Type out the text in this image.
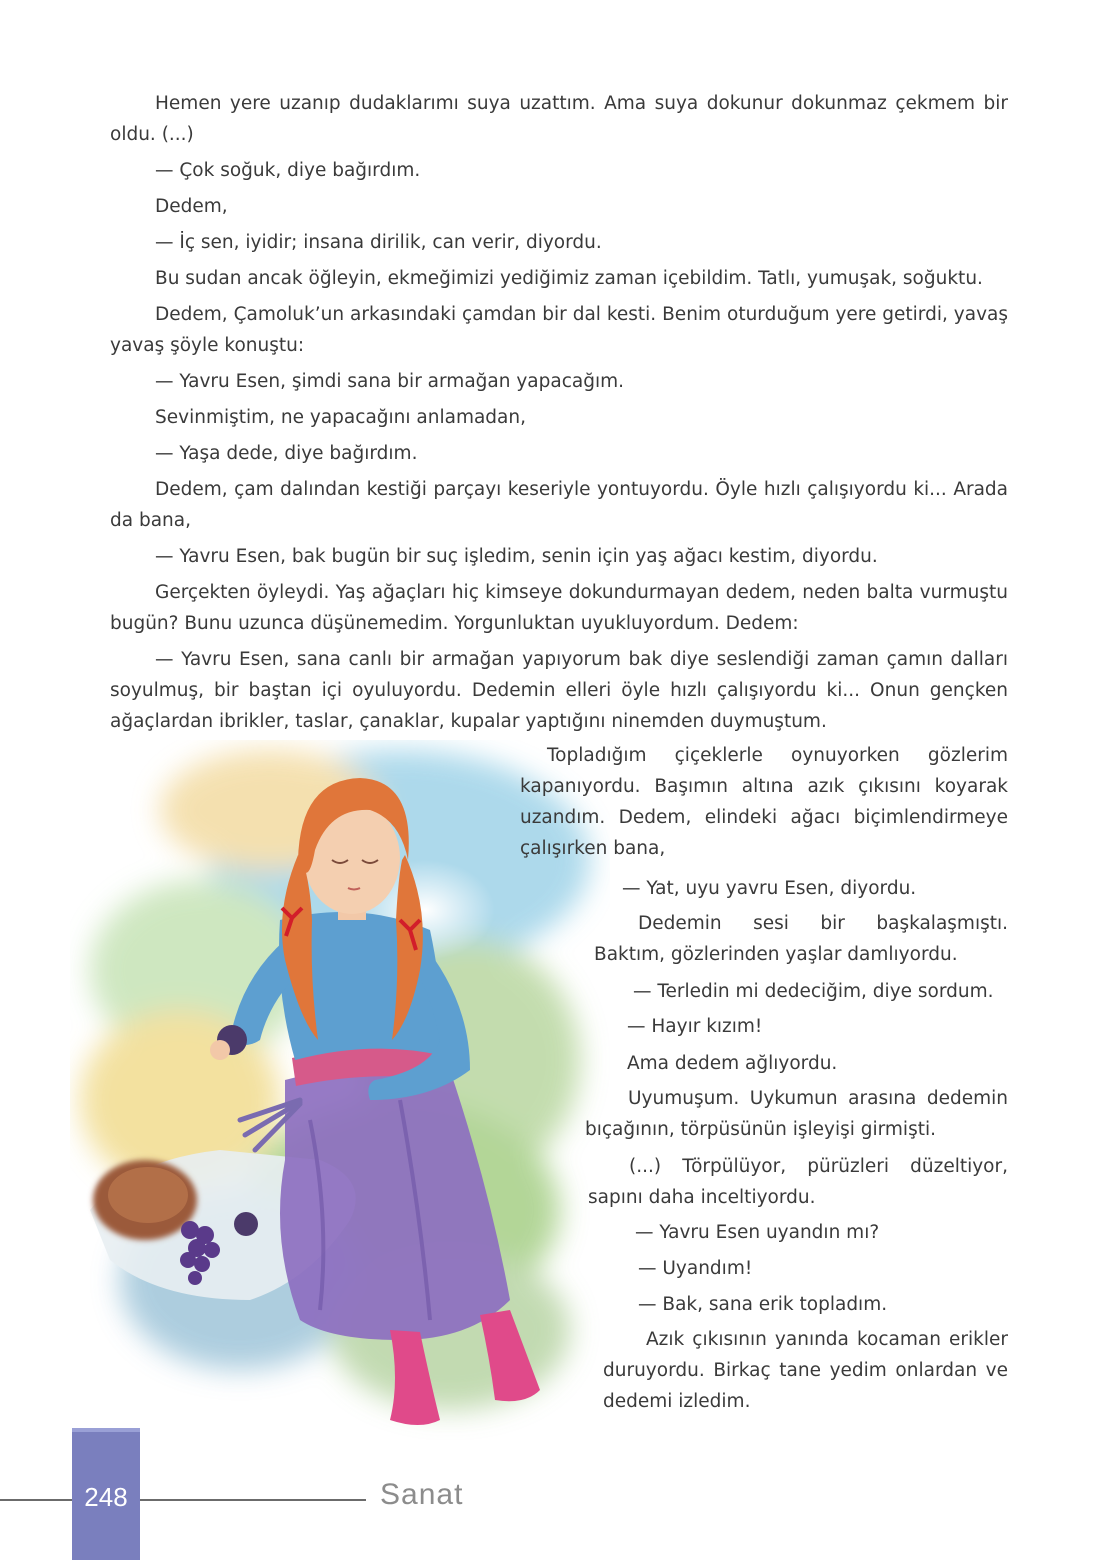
Hemen yere uzanıp dudaklarımı suya uzattım. Ama suya dokunur dokunmaz çekmem bir oldu. (...)

— Çok soğuk, diye bağırdım.

Dedem,

— İç sen, iyidir; insana dirilik, can verir, diyordu.

Bu sudan ancak öğleyin, ekmeğimizi yediğimiz zaman içebildim. Tatlı, yumuşak, soğuktu.

Dedem, Çamoluk’un arkasındaki çamdan bir dal kesti. Benim oturduğum yere getirdi, yavaş yavaş şöyle konuştu:

— Yavru Esen, şimdi sana bir armağan yapacağım.

Sevinmiştim, ne yapacağını anlamadan,

— Yaşa dede, diye bağırdım.

Dedem, çam dalından kestiği parçayı keseriyle yontuyordu. Öyle hızlı çalışıyordu ki... Arada da bana,

— Yavru Esen, bak bugün bir suç işledim, senin için yaş ağacı kestim, diyordu.

Gerçekten öyleydi. Yaş ağaçları hiç kimseye dokundurmayan dedem, neden balta vurmuştu bugün? Bunu uzunca düşünemedim. Yorgunluktan uyukluyordum. Dedem:

— Yavru Esen, sana canlı bir armağan yapıyorum bak diye seslendiği zaman çamın dalları soyulmuş, bir baştan içi oyuluyordu. Dedemin elleri öyle hızlı çalışıyordu ki... Onun gençken ağaçlardan ibrikler, taslar, çanaklar, kupalar yaptığını ninemden duymuştum.

Topladığım çiçeklerle oynuyorken gözlerim kapanıyordu. Başımın altına azık çıkısını koyarak uzandım. Dedem, elindeki ağacı biçimlendirmeye çalışırken bana,

— Yat, uyu yavru Esen, diyordu.

Dedemin sesi bir başkalaşmıştı. Baktım, gözlerinden yaşlar damlıyordu.

— Terledin mi dedeciğim, diye sordum.

— Hayır kızım!

Ama dedem ağlıyordu.

Uyumuşum. Uykumun arasına dedemin bıçağının, törpüsünün işleyişi girmişti.

(...) Törpülüyor, pürüzleri düzeltiyor, sapını daha inceltiyordu.

— Yavru Esen uyandın mı?

— Uyandım!

— Bak, sana erik topladım.

Azık çıkısının yanında kocaman erikler duruyordu. Birkaç tane yedim onlardan ve dedemi izledim.

248	Sanat
